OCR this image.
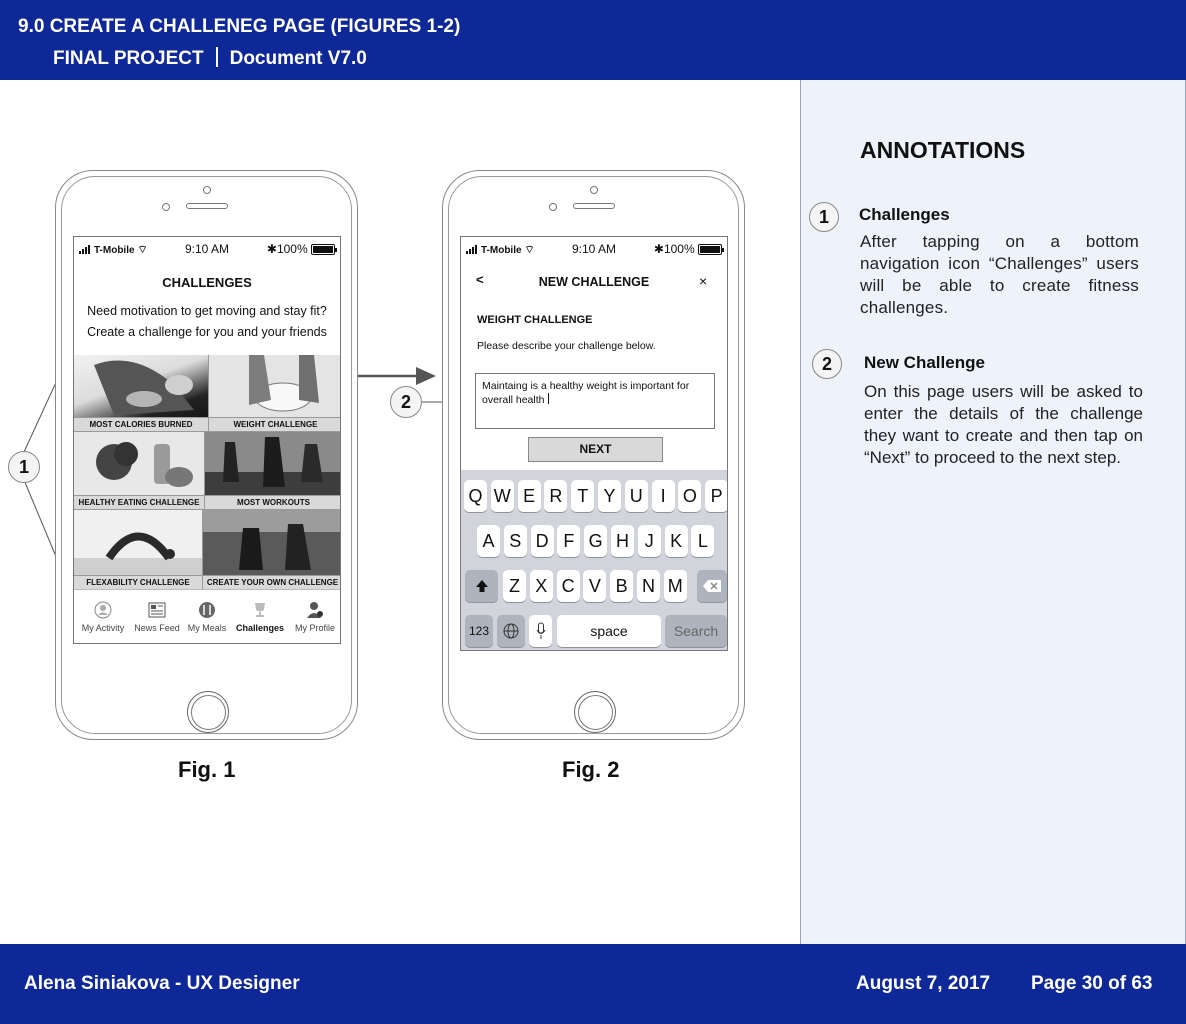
9.0 CREATE A CHALLENEG PAGE (FIGURES 1-2)
FINAL PROJECT Document V7.0
ANNOTATIONS
1	Challenges
After tapping on a bottom navigation icon “Challenges” users will be able to create fitness challenges.
2	New Challenge
On this page users will be asked to enter the details of the challenge they want to create and then tap on “Next” to proceed to the next step.
1
2
T-Mobile ⌔	9:10 AM	✱100%
CHALLENGES
Need motivation to get moving and stay fit?
Create a challenge for you and your friends
MOST CALORIES BURNED	WEIGHT CHALLENGE
HEALTHY EATING CHALLENGE	MOST WORKOUTS
FLEXABILITY CHALLENGE	CREATE YOUR OWN CHALLENGE
My Activity	News Feed My Meals	Challenges	My Profile
T-Mobile ⌔	9:10 AM	✱100%
<	NEW CHALLENGE	×
WEIGHT CHALLENGE
Please describe your challenge below.
Maintaing is a healthy weight is important for overall health
NEXT
Q W E R T Y U I O P
A S D F G H J K L
Z X C V B N M
123	space	Search
Fig. 1	Fig. 2
Alena Siniakova - UX Designer	August 7, 2017 Page 30 of 63
